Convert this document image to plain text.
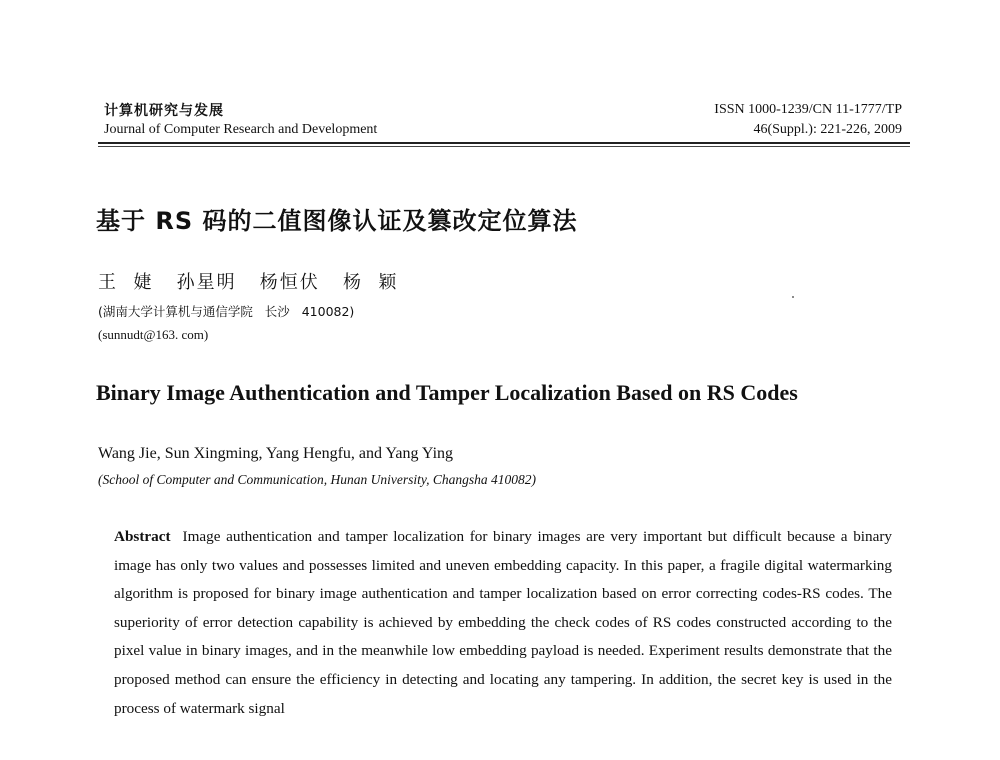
计算机研究与发展
Journal of Computer Research and Development
ISSN 1000-1239/CN 11-1777/TP
46(Suppl.): 221-226, 2009
基于 RS 码的二值图像认证及篡改定位算法
王  婕   孙星明   杨恒伏   杨  颖
(湖南大学计算机与通信学院   长沙   410082)
(sunnudt@163. com)
Binary Image Authentication and Tamper Localization Based on RS Codes
Wang Jie, Sun Xingming, Yang Hengfu, and Yang Ying
(School of Computer and Communication, Hunan University, Changsha 410082)
Abstract Image authentication and tamper localization for binary images are very important but difficult because a binary image has only two values and possesses limited and uneven embedding capacity. In this paper, a fragile digital watermarking algorithm is proposed for binary image authentication and tamper localization based on error correcting codes-RS codes. The superiority of error detection capability is achieved by embedding the check codes of RS codes constructed according to the pixel value in binary images, and in the meanwhile low embedding payload is needed. Experiment results demonstrate that the proposed method can ensure the efficiency in detecting and locating any tampering. In addition, the secret key is used in the process of watermark signal
